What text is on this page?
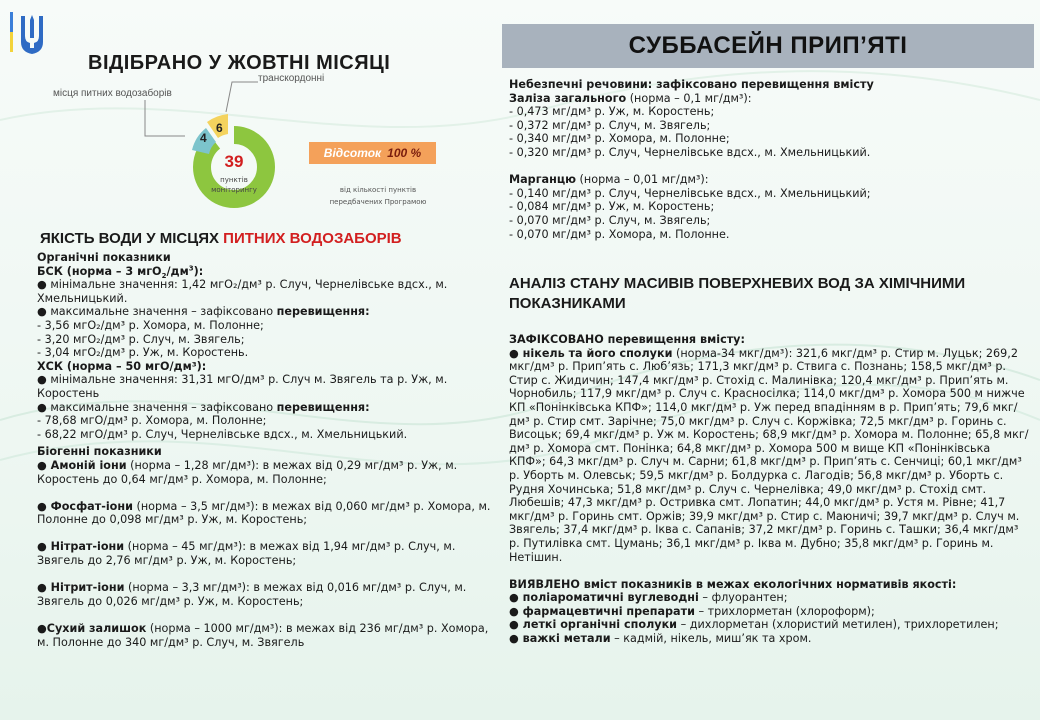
ВІДІБРАНО У ЖОВТНІ МІСЯЦІ
місця питних водозаборів
транскордонні
4
6
39
пунктів
моніторингу
Відсоток 100 %
від кількості пунктів
передбачених Програмою
ЯКІСТЬ ВОДИ У МІСЦЯХ ПИТНИХ ВОДОЗАБОРІВ

Органічні показники

БСК (норма – 3 $мгО_2/дм^3$):

● мінімальне значення: 1,42 мгО₂/дм³ р. Случ, Чернелівське вдсх., м. Хмельницький.

● максимальне значення – зафіксовано перевищення:

- 3,56 мгО₂/дм³ р. Хомора, м. Полонне;

- 3,20 мгО₂/дм³ р. Случ, м. Звягель;

- 3,04 мгО₂/дм³ р. Уж, м. Коростень.

ХСК (норма – 50 мгО/дм³):

● мінімальне значення: 31,31 мгО/дм³ р. Случ м. Звягель та р. Уж, м. Коростень

● максимальне значення – зафіксовано перевищення:

- 78,68 мгО/дм³ р. Хомора, м. Полонне;

- 68,22 мгО/дм³ р. Случ, Чернелівське вдсх., м. Хмельницький.

Біогенні показники

● Амоній іони (норма – 1,28 мг/дм³): в межах від 0,29 мг/дм³ р. Уж, м. Коростень до 0,64 мг/дм³ р. Хомора, м. Полонне;

● Фосфат-іони (норма – 3,5 мг/дм³): в межах від 0,060 мг/дм³ р. Хомора, м. Полонне до 0,098 мг/дм³ р. Уж, м. Коростень;

● Нітрат-іони (норма – 45 мг/дм³): в межах від 1,94 мг/дм³ р. Случ, м. Звягель до 2,76 мг/дм³ р. Уж, м. Коростень;

● Нітрит-іони (норма – 3,3 мг/дм³): в межах від 0,016 мг/дм³ р. Случ, м. Звягель до 0,026 мг/дм³ р. Уж, м. Коростень;

●Сухий залишок (норма – 1000 мг/дм³): в межах від 236 мг/дм³ р. Хомора, м. Полонне до 340 мг/дм³ р. Случ, м. Звягель

СУББАСЕЙН ПРИП’ЯТІ

Небезпечні речовини: зафіксовано перевищення вмісту

Заліза загального (норма – 0,1 мг/дм³):

- 0,473 мг/дм³ р. Уж, м. Коростень;

- 0,372 мг/дм³ р. Случ, м. Звягель;

- 0,340 мг/дм³ р. Хомора, м. Полонне;

- 0,320 мг/дм³ р. Случ, Чернелівське вдсх., м. Хмельницький.

Марганцю (норма – 0,01 мг/дм³):

- 0,140 мг/дм³ р. Случ, Чернелівське вдсх., м. Хмельницький;

- 0,084 мг/дм³ р. Уж, м. Коростень;

- 0,070 мг/дм³ р. Случ, м. Звягель;

- 0,070 мг/дм³ р. Хомора, м. Полонне.

АНАЛІЗ СТАНУ МАСИВІВ ПОВЕРХНЕВИХ ВОД ЗА ХІМІЧНИМИ ПОКАЗНИКАМИ

ЗАФІКСОВАНО перевищення вмісту:

● нікель та його сполуки (норма-34 мкг/дм³): 321,6 мкг/дм³ р. Стир м. Луцьк; 269,2 мкг/дм³ р. Прип’ять с. Любʼязь; 171,3 мкг/дм³ р. Ствига с. Познань; 158,5 мкг/дм³ р. Стир с. Жидичин; 147,4 мкг/дм³ р. Стохід с. Малинівка; 120,4 мкг/дм³ р. Прип’ять м. Чорнобиль; 117,9 мкг/дм³ р. Случ с. Красносілка; 114,0 мкг/дм³ р. Хомора 500 м нижче КП «Понінківська КПФ»; 114,0 мкг/дм³ р. Уж перед впадінням в р. Прип’ять; 79,6 мкг/дм³ р. Стир смт. Зарічне; 75,0 мкг/дм³ р. Случ с. Коржівка; 72,5 мкг/дм³ р. Горинь с. Висоцьк; 69,4 мкг/дм³ р. Уж м. Коростень; 68,9 мкг/дм³ р. Хомора м. Полонне; 65,8 мкг/дм³ р. Хомора смт. Понінка; 64,8 мкг/дм³ р. Хомора 500 м вище КП «Понінківська КПФ»; 64,3 мкг/дм³ р. Случ м. Сарни; 61,8 мкг/дм³ р. Прип’ять с. Сенчиці; 60,1 мкг/дм³ р. Уборть м. Олевськ; 59,5 мкг/дм³ р. Болдурка с. Лагодів; 56,8 мкг/дм³ р. Уборть с. Рудня Хочинська; 51,8 мкг/дм³ р. Случ с. Чернелівка; 49,0 мкг/дм³ р. Стохід смт. Любешів; 47,3 мкг/дм³ р. Остривка смт. Лопатин; 44,0 мкг/дм³ р. Устя м. Рівне; 41,7 мкг/дм³ р. Горинь смт. Оржів; 39,9 мкг/дм³ р. Стир с. Маюничі; 39,7 мкг/дм³ р. Случ м. Звягель; 37,4 мкг/дм³ р. Іква с. Сапанів; 37,2 мкг/дм³ р. Горинь с. Ташки; 36,4 мкг/дм³ р. Путилівка смт. Цумань; 36,1 мкг/дм³ р. Іква м. Дубно; 35,8 мкг/дм³ р. Горинь м. Нетішин.

ВИЯВЛЕНО вміст показників в межах екологічних нормативів якості:

● поліароматичні вуглеводні – флуорантен;

● фармацевтичні препарати – трихлорметан (хлороформ);

● леткі органічні сполуки – дихлорметан (хлористий метилен), трихлоретилен;

● важкі метали – кадмій, нікель, миш’як та хром.
